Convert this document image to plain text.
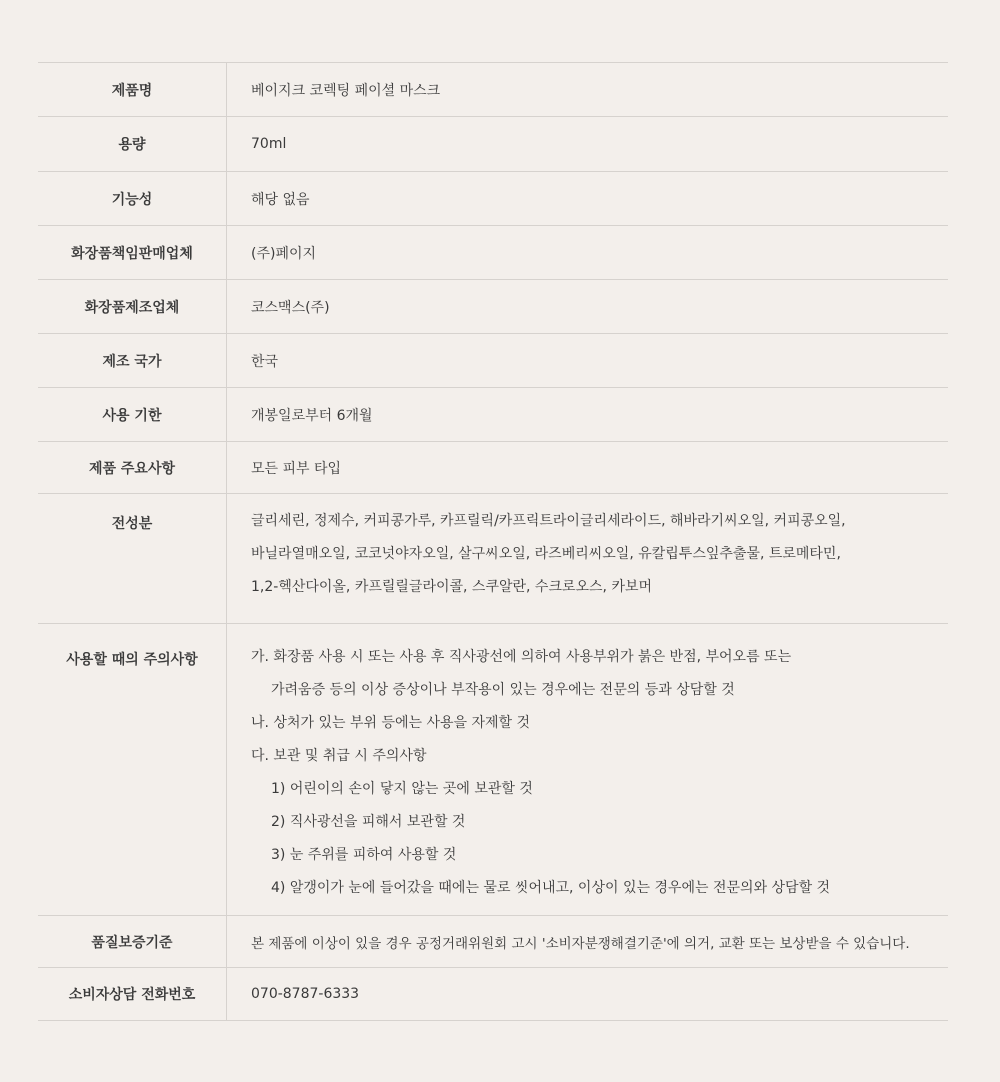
제품명	베이지크 코렉팅 페이셜 마스크
용량	70ml
기능성	해당 없음
화장품책임판매업체	(주)페이지
화장품제조업체	코스맥스(주)
제조 국가	한국
사용 기한	개봉일로부터 6개월
제품 주요사항	모든 피부 타입
전성분	글리세린, 정제수, 커피콩가루, 카프릴릭/카프릭트라이글리세라이드, 해바라기씨오일, 커피콩오일,
바닐라열매오일, 코코넛야자오일, 살구씨오일, 라즈베리씨오일, 유칼립투스잎추출물, 트로메타민,
1,2-헥산다이올, 카프릴릴글라이콜, 스쿠알란, 수크로오스, 카보머
사용할 때의 주의사항	가. 화장품 사용 시 또는 사용 후 직사광선에 의하여 사용부위가 붉은 반점, 부어오름 또는
가려움증 등의 이상 증상이나 부작용이 있는 경우에는 전문의 등과 상담할 것
나. 상처가 있는 부위 등에는 사용을 자제할 것
다. 보관 및 취급 시 주의사항
1) 어린이의 손이 닿지 않는 곳에 보관할 것
2) 직사광선을 피해서 보관할 것
3) 눈 주위를 피하여 사용할 것
4) 알갱이가 눈에 들어갔을 때에는 물로 씻어내고, 이상이 있는 경우에는 전문의와 상담할 것
품질보증기준	본 제품에 이상이 있을 경우 공정거래위원회 고시 '소비자분쟁해결기준'에 의거, 교환 또는 보상받을 수 있습니다.
소비자상담 전화번호	070-8787-6333
